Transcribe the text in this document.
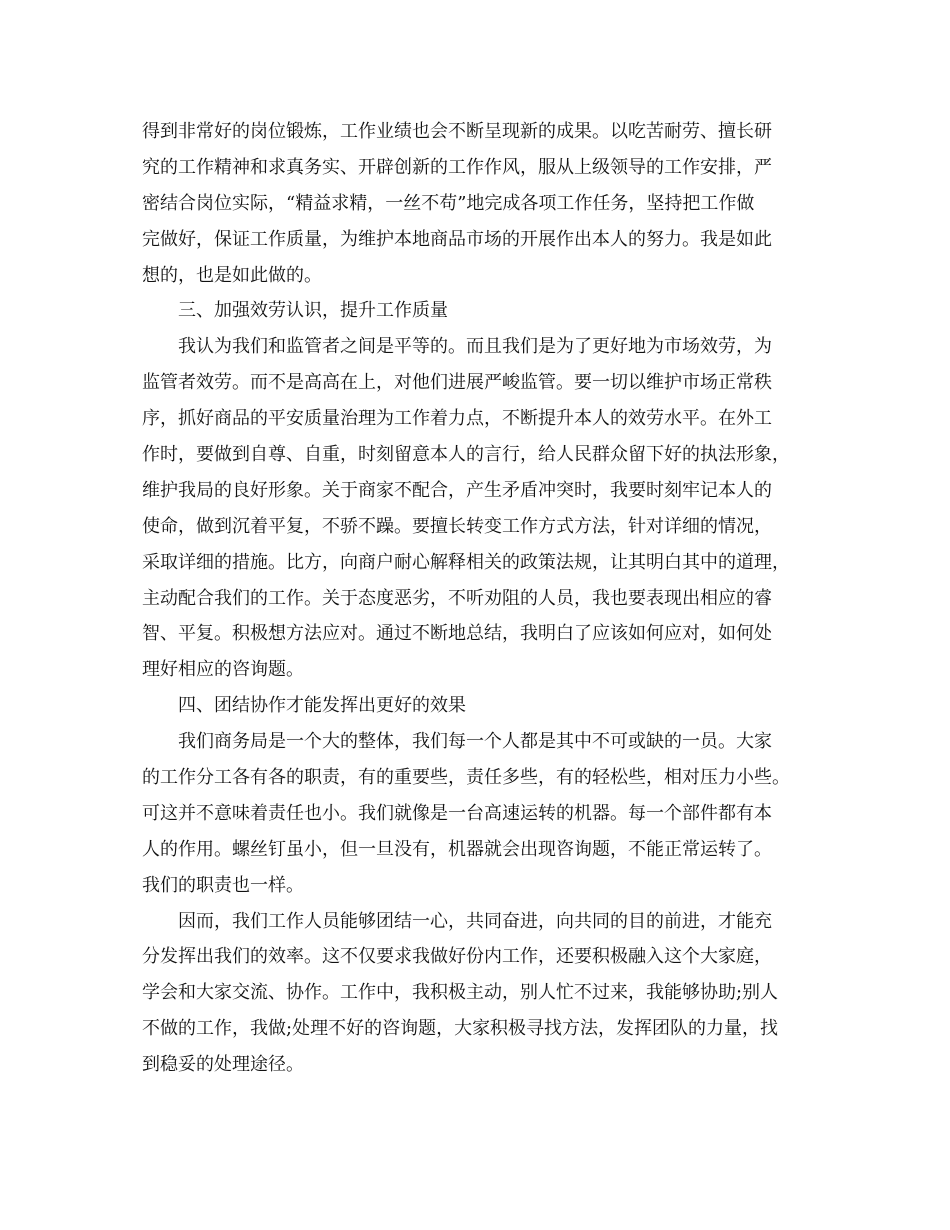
得到非常好的岗位锻炼，工作业绩也会不断呈现新的成果。以吃苦耐劳、擅长研
究的工作精神和求真务实、开辟创新的工作作风，服从上级领导的工作安排，严
密结合岗位实际，“精益求精，一丝不苟”地完成各项工作任务，坚持把工作做
完做好，保证工作质量，为维护本地商品市场的开展作出本人的努力。我是如此
想的，也是如此做的。
三、加强效劳认识，提升工作质量
我认为我们和监管者之间是平等的。而且我们是为了更好地为市场效劳，为
监管者效劳。而不是高高在上，对他们进展严峻监管。要一切以维护市场正常秩
序，抓好商品的平安质量治理为工作着力点，不断提升本人的效劳水平。在外工
作时，要做到自尊、自重，时刻留意本人的言行，给人民群众留下好的执法形象，
维护我局的良好形象。关于商家不配合，产生矛盾冲突时，我要时刻牢记本人的
使命，做到沉着平复，不骄不躁。要擅长转变工作方式方法，针对详细的情况，
采取详细的措施。比方，向商户耐心解释相关的政策法规，让其明白其中的道理，
主动配合我们的工作。关于态度恶劣，不听劝阻的人员，我也要表现出相应的睿
智、平复。积极想方法应对。通过不断地总结，我明白了应该如何应对，如何处
理好相应的咨询题。
四、团结协作才能发挥出更好的效果
我们商务局是一个大的整体，我们每一个人都是其中不可或缺的一员。大家
的工作分工各有各的职责，有的重要些，责任多些，有的轻松些，相对压力小些。
可这并不意味着责任也小。我们就像是一台高速运转的机器。每一个部件都有本
人的作用。螺丝钉虽小，但一旦没有，机器就会出现咨询题，不能正常运转了。
我们的职责也一样。
因而，我们工作人员能够团结一心，共同奋进，向共同的目的前进，才能充
分发挥出我们的效率。这不仅要求我做好份内工作，还要积极融入这个大家庭，
学会和大家交流、协作。工作中，我积极主动，别人忙不过来，我能够协助;别人
不做的工作，我做;处理不好的咨询题，大家积极寻找方法，发挥团队的力量，找
到稳妥的处理途径。
